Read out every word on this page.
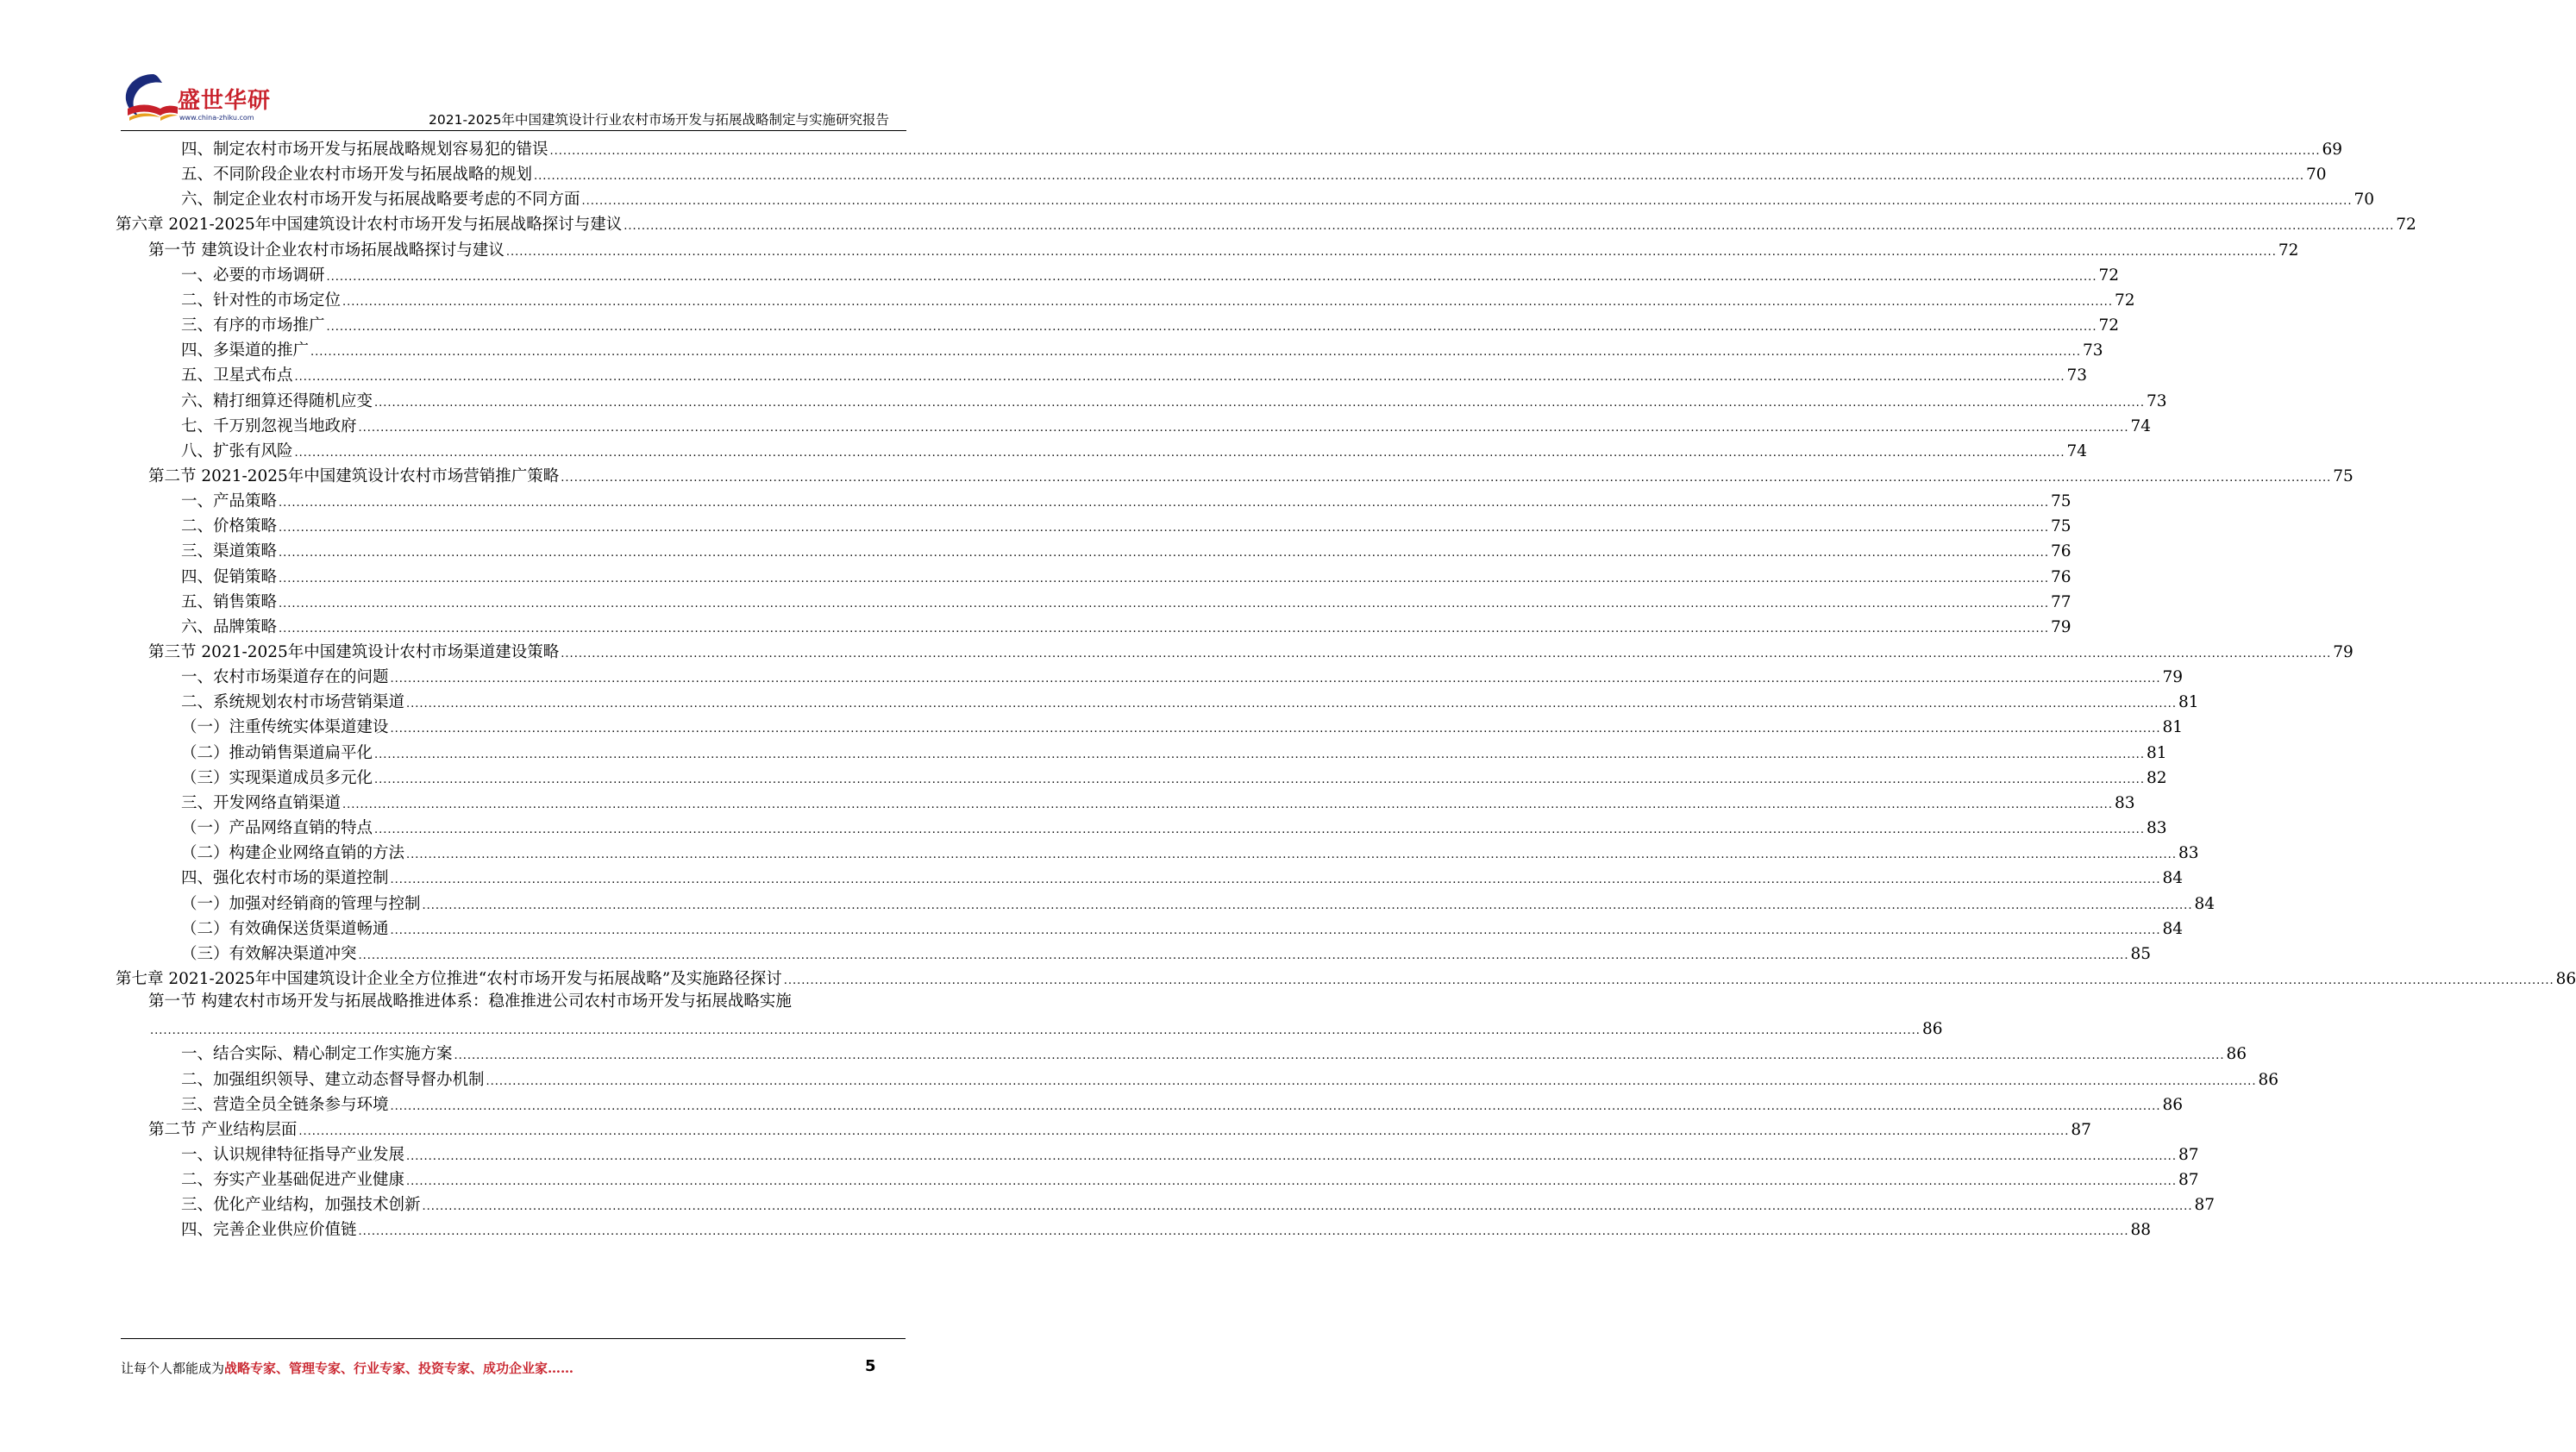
盛世华研
www.china-zhiku.com	2021-2025年中国建筑设计行业农村市场开发与拓展战略制定与实施研究报告
四、制定农村市场开发与拓展战略规划容易犯的错误 ................................................................................................................................................................................................................................................................................................................................................................................................................ 69
五、不同阶段企业农村市场开发与拓展战略的规划 ................................................................................................................................................................................................................................................................................................................................................................................................................ 70
六、制定企业农村市场开发与拓展战略要考虑的不同方面 ................................................................................................................................................................................................................................................................................................................................................................................................................ 70
第六章 2021-2025年中国建筑设计农村市场开发与拓展战略探讨与建议 ................................................................................................................................................................................................................................................................................................................................................................................................................ 72
第一节 建筑设计企业农村市场拓展战略探讨与建议 ................................................................................................................................................................................................................................................................................................................................................................................................................ 72
一、必要的市场调研 ................................................................................................................................................................................................................................................................................................................................................................................................................ 72
二、针对性的市场定位 ................................................................................................................................................................................................................................................................................................................................................................................................................ 72
三、有序的市场推广 ................................................................................................................................................................................................................................................................................................................................................................................................................ 72
四、多渠道的推广 ................................................................................................................................................................................................................................................................................................................................................................................................................ 73
五、卫星式布点 ................................................................................................................................................................................................................................................................................................................................................................................................................ 73
六、精打细算还得随机应变 ................................................................................................................................................................................................................................................................................................................................................................................................................ 73
七、千万别忽视当地政府 ................................................................................................................................................................................................................................................................................................................................................................................................................ 74
八、扩张有风险 ................................................................................................................................................................................................................................................................................................................................................................................................................ 74
第二节 2021-2025年中国建筑设计农村市场营销推广策略 ................................................................................................................................................................................................................................................................................................................................................................................................................ 75
一、产品策略 ................................................................................................................................................................................................................................................................................................................................................................................................................ 75
二、价格策略 ................................................................................................................................................................................................................................................................................................................................................................................................................ 75
三、渠道策略 ................................................................................................................................................................................................................................................................................................................................................................................................................ 76
四、促销策略 ................................................................................................................................................................................................................................................................................................................................................................................................................ 76
五、销售策略 ................................................................................................................................................................................................................................................................................................................................................................................................................ 77
六、品牌策略 ................................................................................................................................................................................................................................................................................................................................................................................................................ 79
第三节 2021-2025年中国建筑设计农村市场渠道建设策略 ................................................................................................................................................................................................................................................................................................................................................................................................................ 79
一、农村市场渠道存在的问题 ................................................................................................................................................................................................................................................................................................................................................................................................................ 79
二、系统规划农村市场营销渠道 ................................................................................................................................................................................................................................................................................................................................................................................................................ 81
（一）注重传统实体渠道建设 ................................................................................................................................................................................................................................................................................................................................................................................................................ 81
（二）推动销售渠道扁平化 ................................................................................................................................................................................................................................................................................................................................................................................................................ 81
（三）实现渠道成员多元化 ................................................................................................................................................................................................................................................................................................................................................................................................................ 82
三、开发网络直销渠道 ................................................................................................................................................................................................................................................................................................................................................................................................................ 83
（一）产品网络直销的特点 ................................................................................................................................................................................................................................................................................................................................................................................................................ 83
（二）构建企业网络直销的方法 ................................................................................................................................................................................................................................................................................................................................................................................................................ 83
四、强化农村市场的渠道控制 ................................................................................................................................................................................................................................................................................................................................................................................................................ 84
（一）加强对经销商的管理与控制 ................................................................................................................................................................................................................................................................................................................................................................................................................ 84
（二）有效确保送货渠道畅通 ................................................................................................................................................................................................................................................................................................................................................................................................................ 84
（三）有效解决渠道冲突 ................................................................................................................................................................................................................................................................................................................................................................................................................ 85
第七章 2021-2025年中国建筑设计企业全方位推进“农村市场开发与拓展战略”及实施路径探讨 ................................................................................................................................................................................................................................................................................................................................................................................................................ 86
第一节 构建农村市场开发与拓展战略推进体系：稳准推进公司农村市场开发与拓展战略实施
................................................................................................................................................................................................................................................................................................................................................................................................................ 86
一、结合实际、精心制定工作实施方案 ................................................................................................................................................................................................................................................................................................................................................................................................................ 86
二、加强组织领导、建立动态督导督办机制 ................................................................................................................................................................................................................................................................................................................................................................................................................ 86
三、营造全员全链条参与环境 ................................................................................................................................................................................................................................................................................................................................................................................................................ 86
第二节 产业结构层面 ................................................................................................................................................................................................................................................................................................................................................................................................................ 87
一、认识规律特征指导产业发展 ................................................................................................................................................................................................................................................................................................................................................................................................................ 87
二、夯实产业基础促进产业健康 ................................................................................................................................................................................................................................................................................................................................................................................................................ 87
三、优化产业结构，加强技术创新 ................................................................................................................................................................................................................................................................................................................................................................................................................ 87
四、完善企业供应价值链 ................................................................................................................................................................................................................................................................................................................................................................................................................ 88
让每个人都能成为战略专家、管理专家、行业专家、投资专家、成功企业家……	5
